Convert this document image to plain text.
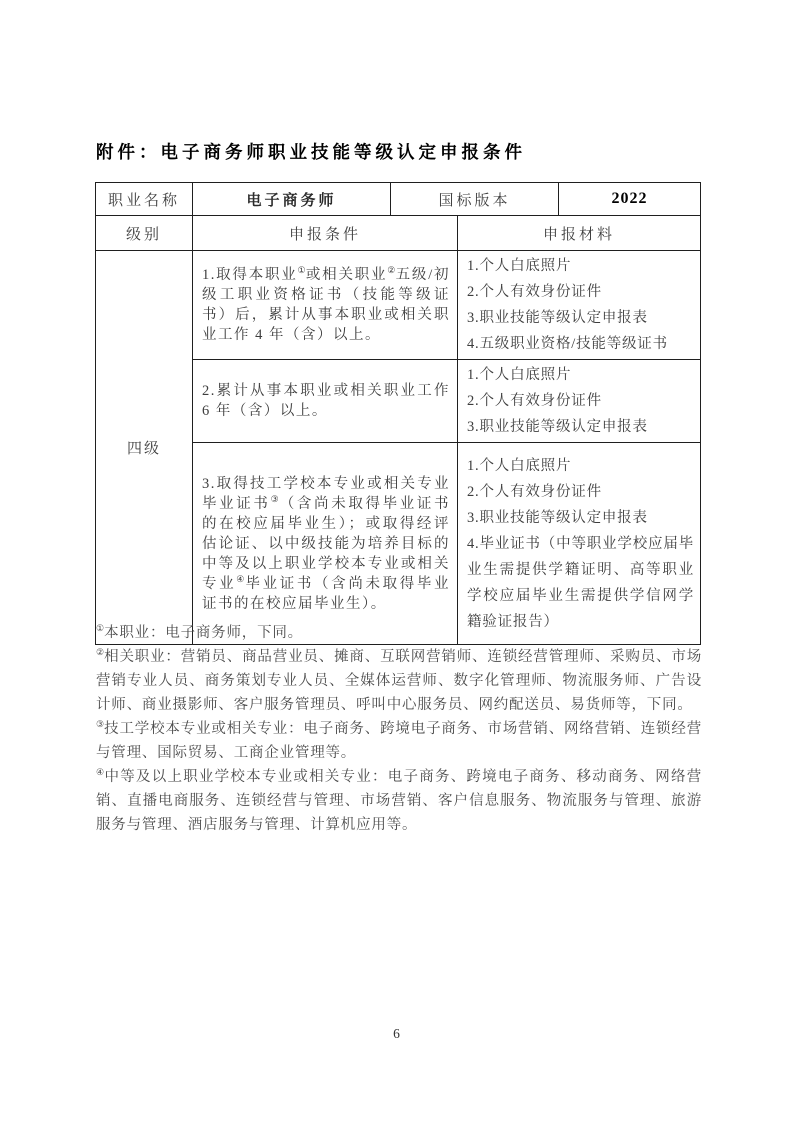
附件：电子商务师职业技能等级认定申报条件
职业名称	电子商务师	国标版本		2022
级别	申报条件		申报材料	
四级	1.取得本职业①或相关职业②五级/初级工职业资格证书（技能等级证书）后，累计从事本职业或相关职业工作 4 年（含）以上。		1.个人白底照片
2.个人有效身份证件
3.职业技能等级认定申报表
4.五级职业资格/技能等级证书	

	2.累计从事本职业或相关职业工作 6 年（含）以上。		1.个人白底照片
2.个人有效身份证件
3.职业技能等级认定申报表	

	3.取得技工学校本专业或相关专业毕业证书③（含尚未取得毕业证书的在校应届毕业生）；或取得经评估论证、以中级技能为培养目标的中等及以上职业学校本专业或相关专业④毕业证书（含尚未取得毕业证书的在校应届毕业生）。		1.个人白底照片
2.个人有效身份证件
3.职业技能等级认定申报表
4.毕业证书（中等职业学校应届毕业生需提供学籍证明、高等职业学校应届毕业生需提供学信网学籍验证报告）	

①本职业：电子商务师，下同。

②相关职业：营销员、商品营业员、摊商、互联网营销师、连锁经营管理师、采购员、市场营销专业人员、商务策划专业人员、全媒体运营师、数字化管理师、物流服务师、广告设计师、商业摄影师、客户服务管理员、呼叫中心服务员、网约配送员、易货师等，下同。

③技工学校本专业或相关专业：电子商务、跨境电子商务、市场营销、网络营销、连锁经营与管理、国际贸易、工商企业管理等。

④中等及以上职业学校本专业或相关专业：电子商务、跨境电子商务、移动商务、网络营销、直播电商服务、连锁经营与管理、市场营销、客户信息服务、物流服务与管理、旅游服务与管理、酒店服务与管理、计算机应用等。

6
